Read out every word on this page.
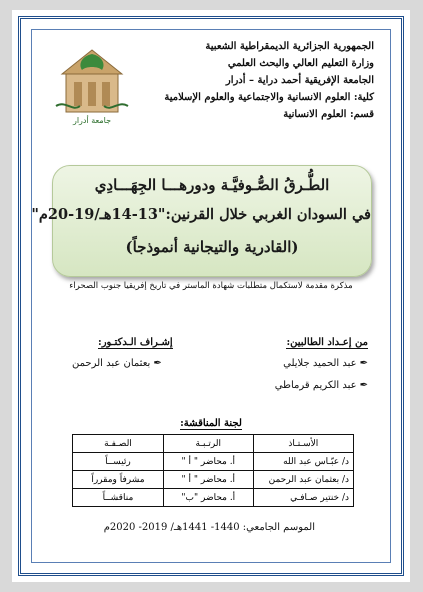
الجمهورية الجزائرية الديمقراطية الشعبية
وزارة التعليم العالي والبحث العلمي
الجامعة الإفريقية أحمد دراية – أدرار
كلية: العلوم الانسانية والاجتماعية والعلوم الإسلامية
قسم: العلوم الانسانية
جامعة أدرار
الطُّـرقُ الصُّـوفيَّـة ودورهـــا الجِهَـــادِي
في السودان الغربي خلال القرنين:"13-14هـ/19-20م"
(القادرية والتيجانية أنموذجاً)
مذكرة مقدمة لاستكمال متطلبات شهادة الماستر في تاريخ إفريقيا جنوب الصحراء
من إعـداد الطالبين:
إشـراف الـدكتـور:
✒عبد الحميد جلايلي
✒عبد الكريم قرماطي
✒بعثمان عبد الرحمن
لجنة المناقشة:
الأسـتـاذ	الرتـبـة	الصـفـة
د/ عبّـاس عبد الله	أ. محاضر " أ "	رئيســاً
د/ بعثمان عبد الرحمن	أ. محاضر " أ "	مشرفاً ومقرراً
د/ خنتير صـافـي	أ. محاضر "ب"	مناقشــاً
الموسم الجامعي: 1440- 1441هـ/ 2019- 2020م
